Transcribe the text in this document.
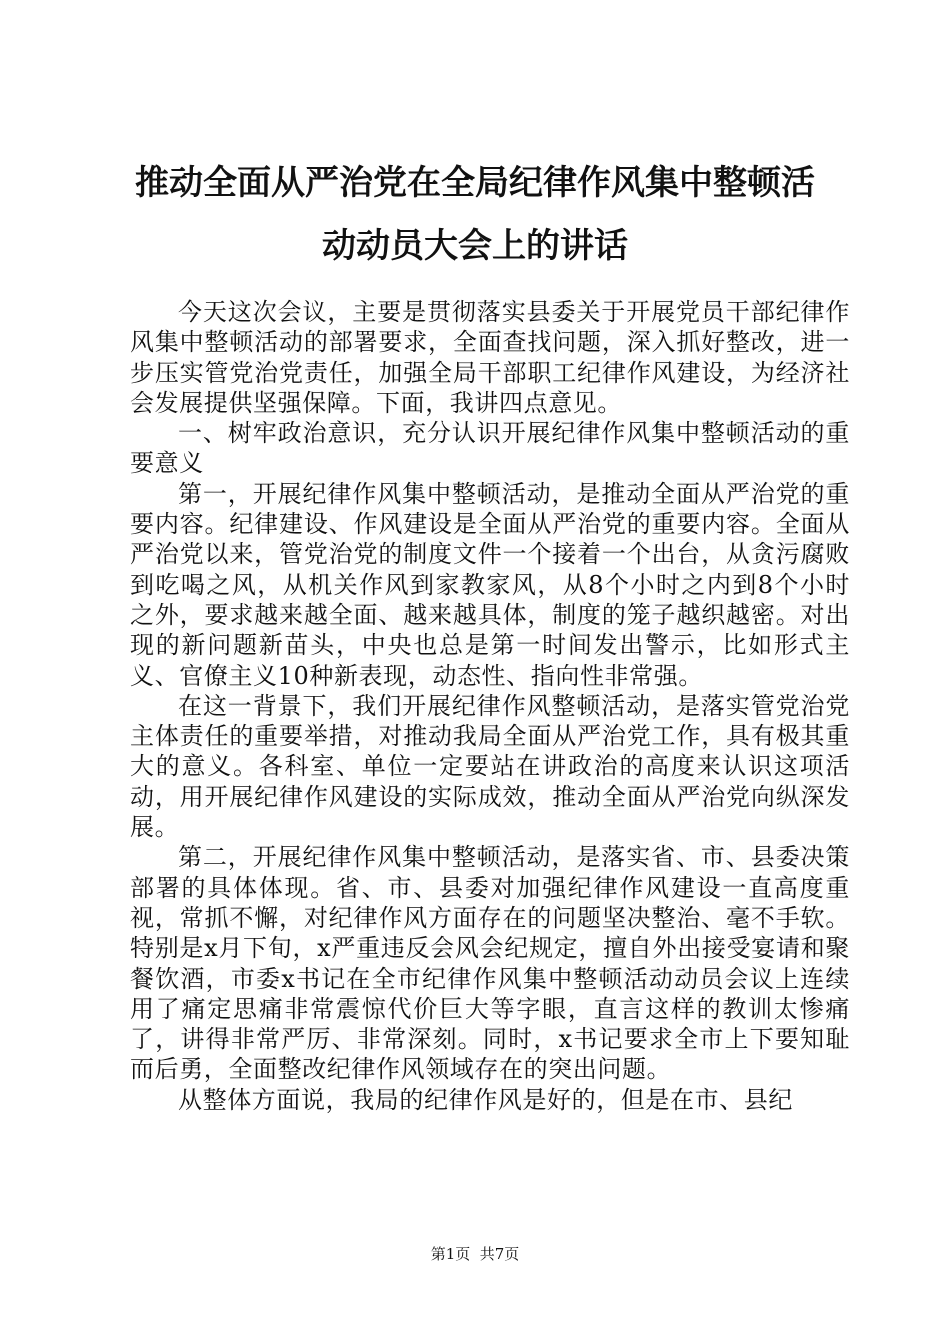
推动全面从严治党在全局纪律作风集中整顿活
动动员大会上的讲话

今天这次会议，主要是贯彻落实县委关于开展党员干部纪律作风集中整顿活动的部署要求，全面查找问题，深入抓好整改，进一步压实管党治党责任，加强全局干部职工纪律作风建设，为经济社会发展提供坚强保障。下面，我讲四点意见。

一、树牢政治意识，充分认识开展纪律作风集中整顿活动的重要意义

第一，开展纪律作风集中整顿活动，是推动全面从严治党的重要内容。纪律建设、作风建设是全面从严治党的重要内容。全面从严治党以来，管党治党的制度文件一个接着一个出台，从贪污腐败到吃喝之风，从机关作风到家教家风，从8个小时之内到8个小时之外，要求越来越全面、越来越具体，制度的笼子越织越密。对出现的新问题新苗头，中央也总是第一时间发出警示，比如形式主义、官僚主义10种新表现，动态性、指向性非常强。

在这一背景下，我们开展纪律作风整顿活动，是落实管党治党主体责任的重要举措，对推动我局全面从严治党工作，具有极其重大的意义。各科室、单位一定要站在讲政治的高度来认识这项活动，用开展纪律作风建设的实际成效，推动全面从严治党向纵深发展。

第二，开展纪律作风集中整顿活动，是落实省、市、县委决策部署的具体体现。省、市、县委对加强纪律作风建设一直高度重视，常抓不懈，对纪律作风方面存在的问题坚决整治、毫不手软。特别是x月下旬，x严重违反会风会纪规定，擅自外出接受宴请和聚餐饮酒，市委x书记在全市纪律作风集中整顿活动动员会议上连续用了痛定思痛非常震惊代价巨大等字眼，直言这样的教训太惨痛了，讲得非常严厉、非常深刻。同时，x书记要求全市上下要知耻而后勇，全面整改纪律作风领域存在的突出问题。

从整体方面说，我局的纪律作风是好的，但是在市、县纪

第1页  共7页
